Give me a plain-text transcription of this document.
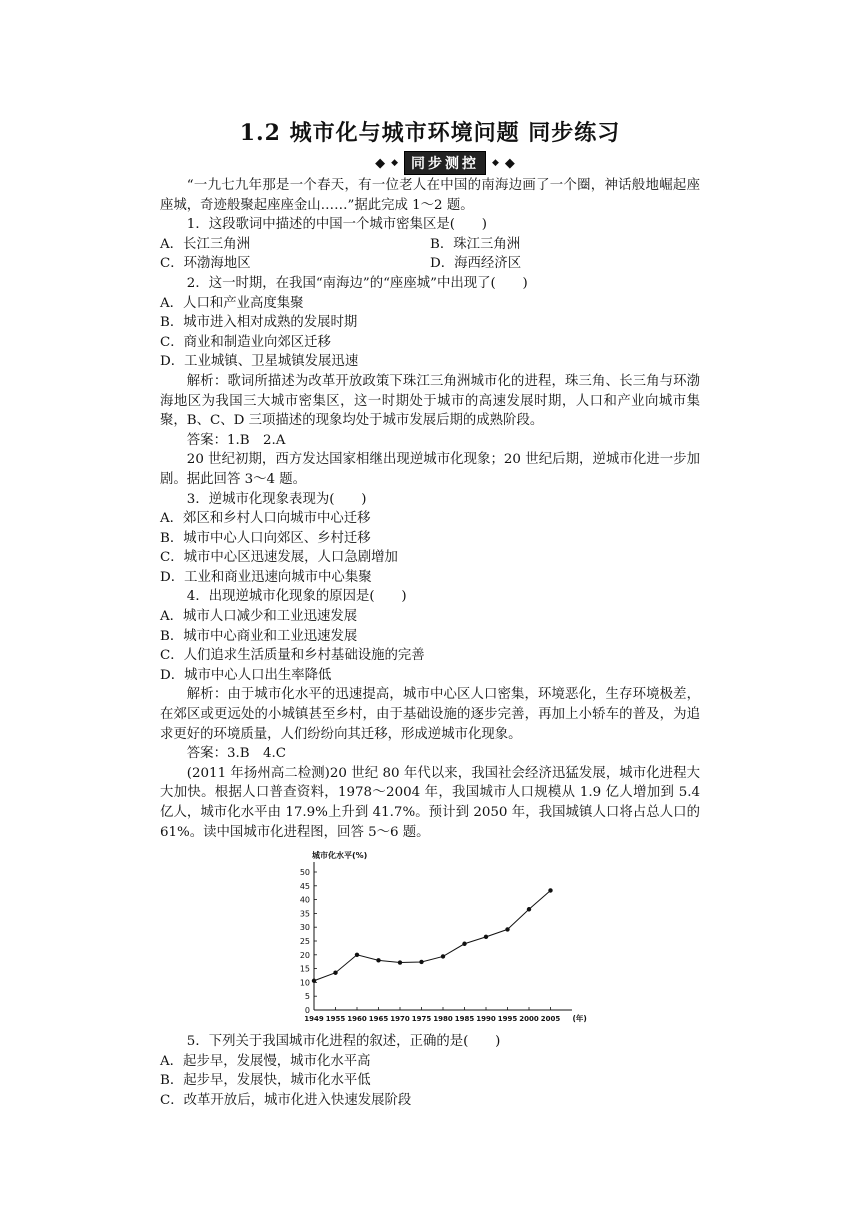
1.2 城市化与城市环境问题 同步练习
◆ ◆ 同步测控	◆ ◆

“一九七九年那是一个春天，有一位老人在中国的南海边画了一个圈，神话般地崛起座座城，奇迹般聚起座座金山……”据此完成 1～2 题。

1．这段歌词中描述的中国一个城市密集区是(　　)

A．长江三角洲	B．珠江三角洲
C．环渤海地区	D．海西经济区

2．这一时期，在我国“南海边”的“座座城”中出现了(　　)

A．人口和产业高度集聚

B．城市进入相对成熟的发展时期

C．商业和制造业向郊区迁移

D．工业城镇、卫星城镇发展迅速

解析：歌词所描述为改革开放政策下珠江三角洲城市化的进程，珠三角、长三角与环渤海地区为我国三大城市密集区，这一时期处于城市的高速发展时期，人口和产业向城市集聚，B、C、D 三项描述的现象均处于城市发展后期的成熟阶段。

答案：1.B　2.A

20 世纪初期，西方发达国家相继出现逆城市化现象；20 世纪后期，逆城市化进一步加剧。据此回答 3～4 题。

3．逆城市化现象表现为(　　)

A．郊区和乡村人口向城市中心迁移

B．城市中心人口向郊区、乡村迁移

C．城市中心区迅速发展，人口急剧增加

D．工业和商业迅速向城市中心集聚

4．出现逆城市化现象的原因是(　　)

A．城市人口减少和工业迅速发展

B．城市中心商业和工业迅速发展

C．人们追求生活质量和乡村基础设施的完善

D．城市中心人口出生率降低

解析：由于城市化水平的迅速提高，城市中心区人口密集，环境恶化，生存环境极差，在郊区或更远处的小城镇甚至乡村，由于基础设施的逐步完善，再加上小轿车的普及，为追求更好的环境质量，人们纷纷向其迁移，形成逆城市化现象。

答案：3.B　4.C

(2011 年扬州高二检测)20 世纪 80 年代以来，我国社会经济迅猛发展，城市化进程大大加快。根据人口普查资料，1978～2004 年，我国城市人口规模从 1.9 亿人增加到 5.4 亿人，城市化水平由 17.9%上升到 41.7%。预计到 2050 年，我国城镇人口将占总人口的 61%。读中国城市化进程图，回答 5～6 题。

城市化水平(%)
0
5
10
15
20
25
30
35
40
45
50
1949 1955 1960 1965 1970 1975 1980 1985 1990 1995 2000 2005 (年)

5．下列关于我国城市化进程的叙述，正确的是(　　)

A．起步早，发展慢，城市化水平高

B．起步早，发展快，城市化水平低

C．改革开放后，城市化进入快速发展阶段
